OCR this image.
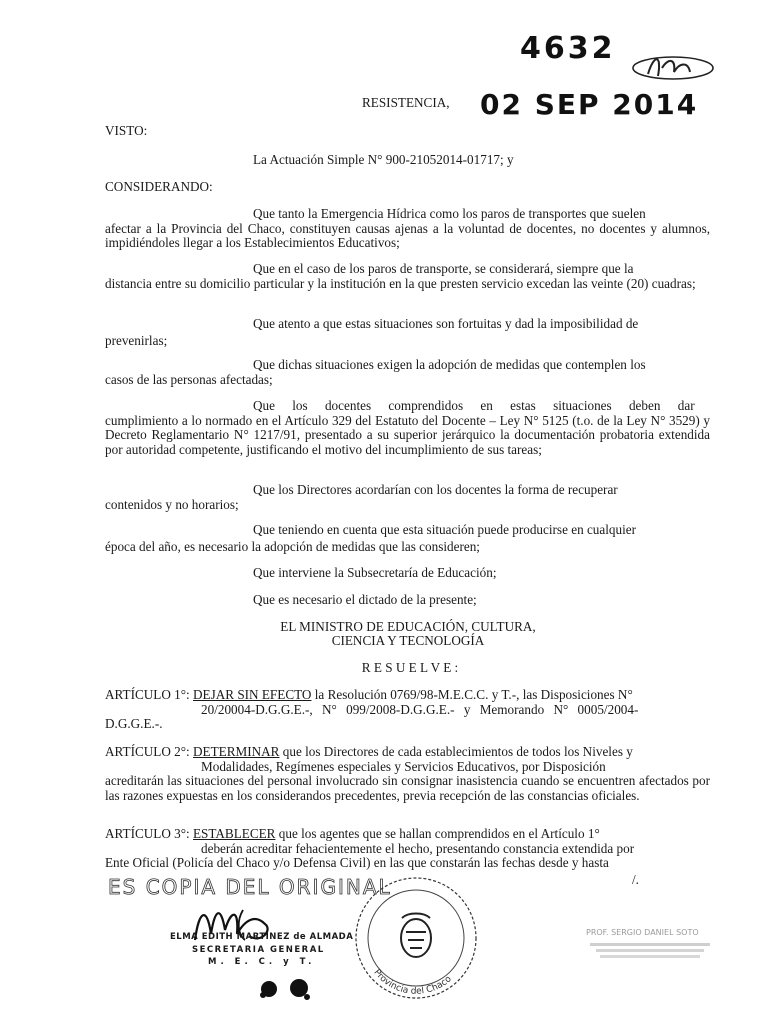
4632
RESISTENCIA, 02 SEP 2014
VISTO:
La Actuación Simple N° 900-21052014-01717; y
CONSIDERANDO:
Que tanto la Emergencia Hídrica como los paros de transportes que suelen
afectar a la Provincia del Chaco, constituyen causas ajenas a la voluntad de docentes, no docentes y alumnos, impidiéndoles llegar a los Establecimientos Educativos;
Que en el caso de los paros de transporte, se considerará, siempre que la
distancia entre su domicilio particular y la institución en la que presten servicio excedan las veinte (20) cuadras;
Que atento a que estas situaciones son fortuitas y dad la imposibilidad de
prevenirlas;
Que dichas situaciones exigen la adopción de medidas que contemplen los
casos de las personas afectadas;
Que los docentes comprendidos en estas situaciones deben dar
cumplimiento a lo normado en el Artículo 329 del Estatuto del Docente – Ley N° 5125 (t.o. de la Ley N° 3529) y Decreto Reglamentario N° 1217/91, presentado a su superior jerárquico la documentación probatoria extendida por autoridad competente, justificando el motivo del incumplimiento de sus tareas;
Que los Directores acordarían con los docentes la forma de recuperar
contenidos y no horarios;
Que teniendo en cuenta que esta situación puede producirse en cualquier
época del año, es necesario la adopción de medidas que las consideren;
Que interviene la Subsecretaría de Educación;
Que es necesario el dictado de la presente;
EL MINISTRO DE EDUCACIÓN, CULTURA,
CIENCIA Y TECNOLOGÍA
R E S U E L V E :
ARTÍCULO 1°: DEJAR SIN EFECTO la Resolución 0769/98-M.E.C.C. y T.-, las Disposiciones N°
20/20004-D.G.G.E.-, N° 099/2008-D.G.G.E.- y Memorando N° 0005/2004-
D.G.G.E.-.
ARTÍCULO 2°: DETERMINAR que los Directores de cada establecimientos de todos los Niveles y
Modalidades, Regímenes especiales y Servicios Educativos, por Disposición
acreditarán las situaciones del personal involucrado sin consignar inasistencia cuando se encuentren afectados por las razones expuestas en los considerandos precedentes, previa recepción de las constancias oficiales.
ARTÍCULO 3°: ESTABLECER que los agentes que se hallan comprendidos en el Artículo 1°
deberán acreditar fehacientemente el hecho, presentando constancia extendida por
Ente Oficial (Policía del Chaco y/o Defensa Civil) en las que constarán las fechas desde y hasta
/.
ES COPIA DEL ORIGINAL
ELMA EDITH MARTINEZ de ALMADA
SECRETARIA GENERAL
M. E. C. y T.
Provincia del Chaco
PROF. SERGIO DANIEL SOTO
